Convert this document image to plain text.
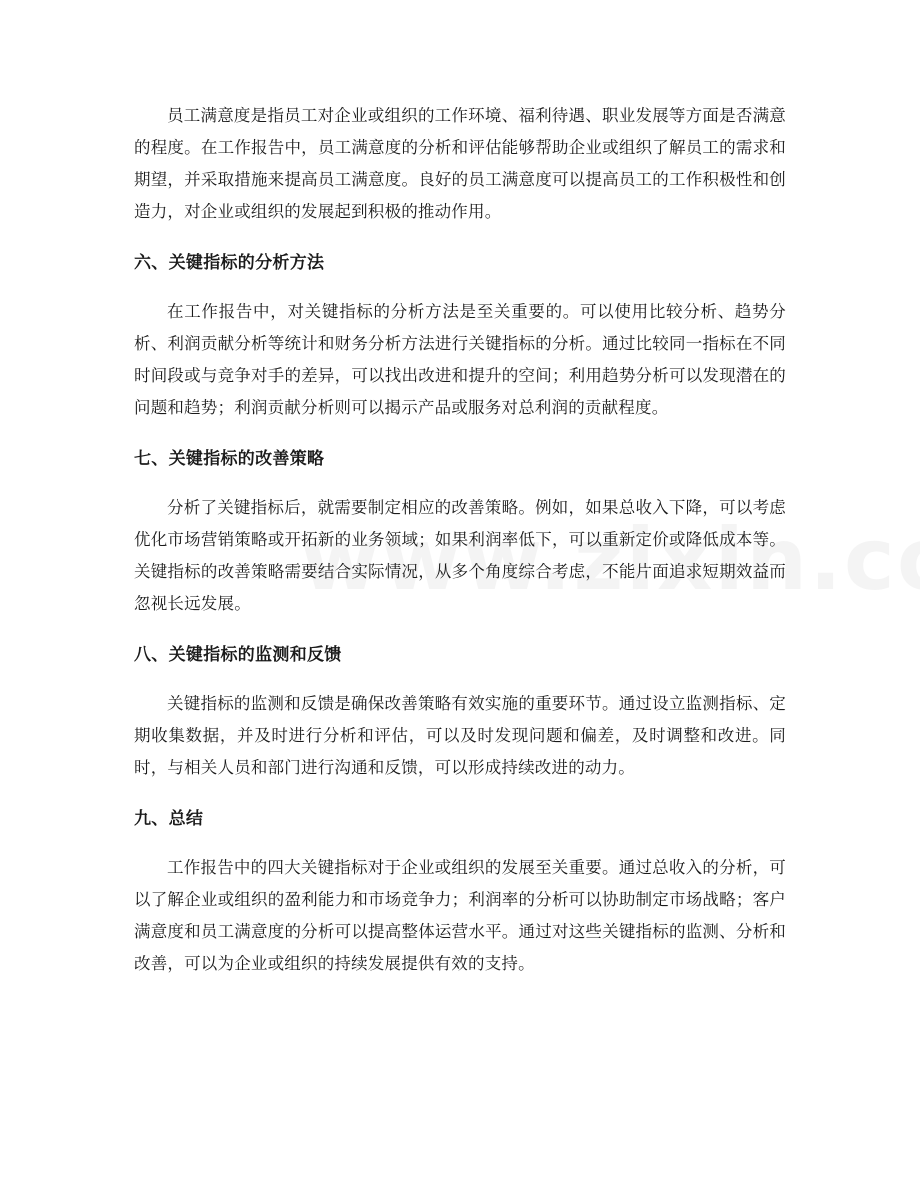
员工满意度是指员工对企业或组织的工作环境、福利待遇、职业发展等方面是否满意的程度。在工作报告中，员工满意度的分析和评估能够帮助企业或组织了解员工的需求和期望，并采取措施来提高员工满意度。良好的员工满意度可以提高员工的工作积极性和创造力，对企业或组织的发展起到积极的推动作用。

六、关键指标的分析方法

在工作报告中，对关键指标的分析方法是至关重要的。可以使用比较分析、趋势分析、利润贡献分析等统计和财务分析方法进行关键指标的分析。通过比较同一指标在不同时间段或与竞争对手的差异，可以找出改进和提升的空间；利用趋势分析可以发现潜在的问题和趋势；利润贡献分析则可以揭示产品或服务对总利润的贡献程度。

七、关键指标的改善策略

分析了关键指标后，就需要制定相应的改善策略。例如，如果总收入下降，可以考虑优化市场营销策略或开拓新的业务领域；如果利润率低下，可以重新定价或降低成本等。关键指标的改善策略需要结合实际情况，从多个角度综合考虑，不能片面追求短期效益而忽视长远发展。

八、关键指标的监测和反馈

关键指标的监测和反馈是确保改善策略有效实施的重要环节。通过设立监测指标、定期收集数据，并及时进行分析和评估，可以及时发现问题和偏差，及时调整和改进。同时，与相关人员和部门进行沟通和反馈，可以形成持续改进的动力。

九、总结

工作报告中的四大关键指标对于企业或组织的发展至关重要。通过总收入的分析，可以了解企业或组织的盈利能力和市场竞争力；利润率的分析可以协助制定市场战略；客户满意度和员工满意度的分析可以提高整体运营水平。通过对这些关键指标的监测、分析和改善，可以为企业或组织的持续发展提供有效的支持。
